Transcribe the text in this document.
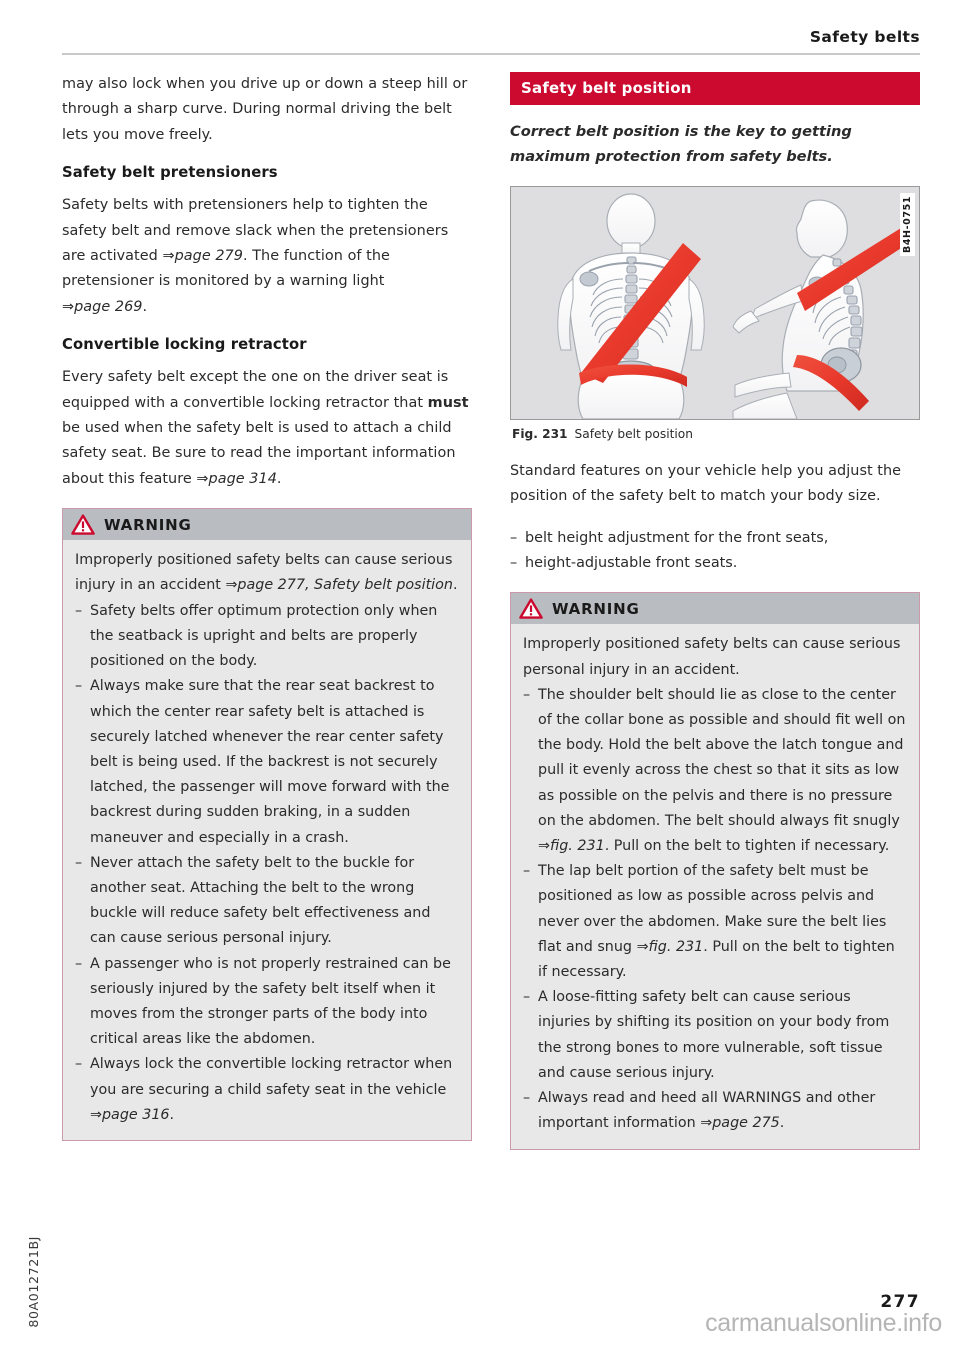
Safety belts

may also lock when you drive up or down a steep hill or through a sharp curve. During normal driving the belt lets you move freely.

Safety belt pretensioners

Safety belts with pretensioners help to tighten the safety belt and remove slack when the pretensioners are activated ⇒page 279. The function of the pretensioner is monitored by a warning light ⇒page 269.

Convertible locking retractor

Every safety belt except the one on the driver seat is equipped with a convertible locking retractor that must be used when the safety belt is used to attach a child safety seat. Be sure to read the important information about this feature ⇒page 314.

WARNING

Improperly positioned safety belts can cause serious injury in an accident ⇒page 277, Safety belt position.

– Safety belts offer optimum protection only when the seatback is upright and belts are properly positioned on the body.
– Always make sure that the rear seat backrest to which the center rear safety belt is attached is securely latched whenever the rear center safety belt is being used. If the backrest is not securely latched, the passenger will move forward with the backrest during sudden braking, in a sudden maneuver and especially in a crash.
– Never attach the safety belt to the buckle for another seat. Attaching the belt to the wrong buckle will reduce safety belt effectiveness and can cause serious personal injury.
– A passenger who is not properly restrained can be seriously injured by the safety belt itself when it moves from the stronger parts of the body into critical areas like the abdomen.
– Always lock the convertible locking retractor when you are securing a child safety seat in the vehicle ⇒page 316.
Safety belt position

Correct belt position is the key to getting maximum protection from safety belts.

B4H-0751
Fig. 231 Safety belt position

Standard features on your vehicle help you adjust the position of the safety belt to match your body size.

– belt height adjustment for the front seats,
– height-adjustable front seats.
WARNING

Improperly positioned safety belts can cause serious personal injury in an accident.

– The shoulder belt should lie as close to the center of the collar bone as possible and should fit well on the body. Hold the belt above the latch tongue and pull it evenly across the chest so that it sits as low as possible on the pelvis and there is no pressure on the abdomen. The belt should always fit snugly ⇒fig. 231. Pull on the belt to tighten if necessary.
– The lap belt portion of the safety belt must be positioned as low as possible across pelvis and never over the abdomen. Make sure the belt lies flat and snug ⇒fig. 231. Pull on the belt to tighten if necessary.
– A loose-fitting safety belt can cause serious injuries by shifting its position on your body from the strong bones to more vulnerable, soft tissue and cause serious injury.
– Always read and heed all WARNINGS and other important information ⇒page 275.
80A012721BJ	277
carmanualsonline.info
